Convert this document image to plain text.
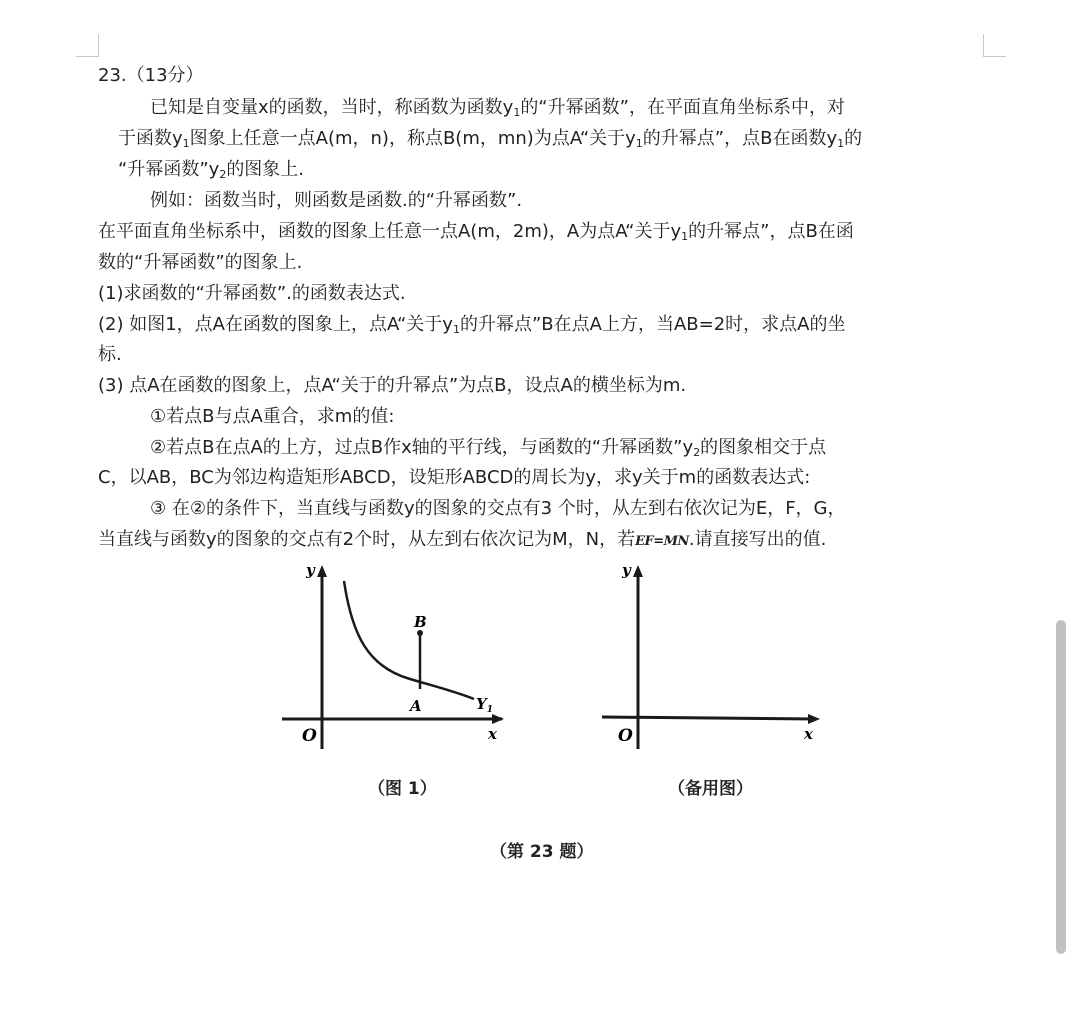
23.（13分）
已知是自变量x的函数，当时，称函数为函数$y_1$的“升幂函数”，在平面直角坐标系中，对
于函数$y_1$图象上任意一点A(m，n)，称点B(m，mn)为点A“关于$y_1$的升幂点”，点B在函数$y_1$的
“升幂函数$”y_2$的图象上.
例如：函数当时，则函数是函数.的“升幂函数”.
在平面直角坐标系中，函数的图象上任意一点A(m，2m)，A为点A“关于$y_1$的升幂点”，点B在函
数的“升幂函数”的图象上.
(1)求函数的“升幂函数”.的函数表达式.
(2) 如图1，点A在函数的图象上，点A“关于$y_1$的升幂点”B在点A上方，当AB=2时，求点A的坐
标.
(3) 点A在函数的图象上，点A“关于的升幂点”为点B，设点A的横坐标为m.
①若点B与点A重合，求m的值:
②若点B在点A的上方，过点B作x轴的平行线，与函数的“升幂函数$”y_2$的图象相交于点
C，以AB，BC为邻边构造矩形ABCD，设矩形ABCD的周长为y，求y关于m的函数表达式:
③ 在②的条件下，当直线与函数y的图象的交点有3 个时，从左到右依次记为E，F，G，
当直线与函数y的图象的交点有2个时，从左到右依次记为M，N，若EF=MN.请直接写出的值.
y
x
O
B
A	$Y_1$
（图 1）
y
x
O
（备用图）
（第 23 题）
